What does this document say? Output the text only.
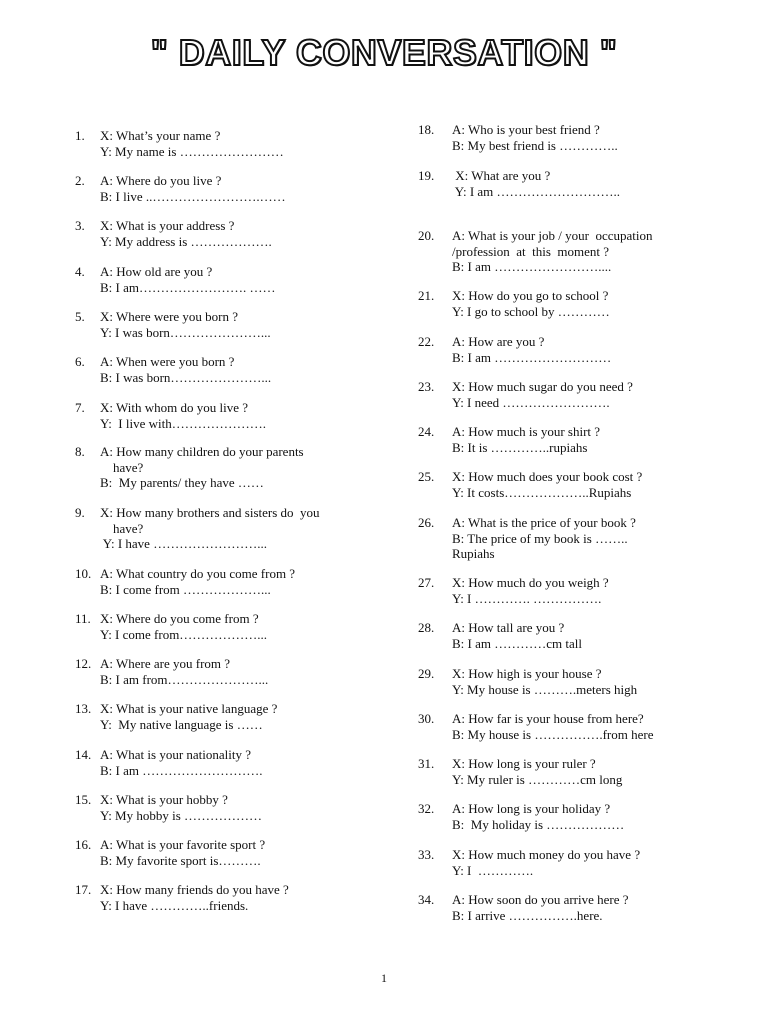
" DAILY CONVERSATION "
1. X: What’s your name ?
Y: My name is ……………………
2. A: Where do you live ?
B: I live ..…………………….……
3. X: What is your address ?
Y: My address is ……………….
4. A: How old are you ?
B: I am……………………. ……
5. X: Where were you born ?
Y: I was born…………………...
6. A: When were you born ?
B: I was born…………………...
7. X: With whom do you live ?
Y:  I live with………………….
8. A: How many children do your parents
have?
B:  My parents/ they have ……
9. X: How many brothers and sisters do  you
have?
Y: I have ……………………...
10. A: What country do you come from ?
B: I come from ………………...
11. X: Where do you come from ?
Y: I come from………………...
12. A: Where are you from ?
B: I am from…………………...
13. X: What is your native language ?
Y:  My native language is ……
14. A: What is your nationality ?
B: I am ……………………….
15. X: What is your hobby ?
Y: My hobby is ………………
16. A: What is your favorite sport ?
B: My favorite sport is……….
17. X: How many friends do you have ?
Y: I have …………..friends.
18. A: Who is your best friend ?
B: My best friend is …………..
19. X: What are you ?
Y: I am ………………………..
20. A: What is your job / your  occupation
/profession  at  this  moment ?
B: I am ……………………....
21. X: How do you go to school ?
Y: I go to school by …………
22. A: How are you ?
B: I am ………………………
23. X: How much sugar do you need ?
Y: I need …………………….
24. A: How much is your shirt ?
B: It is …………..rupiahs
25. X: How much does your book cost ?
Y: It costs………………..Rupiahs
26. A: What is the price of your book ?
B: The price of my book is ……..
Rupiahs
27. X: How much do you weigh ?
Y: I …………. …………….
28. A: How tall are you ?
B: I am …………cm tall
29. X: How high is your house ?
Y: My house is ……….meters high
30. A: How far is your house from here?
B: My house is …………….from here
31. X: How long is your ruler ?
Y: My ruler is …………cm long
32. A: How long is your holiday ?
B:  My holiday is ………………
33. X: How much money do you have ?
Y: I  ………….
34. A: How soon do you arrive here ?
B: I arrive …………….here.
1
